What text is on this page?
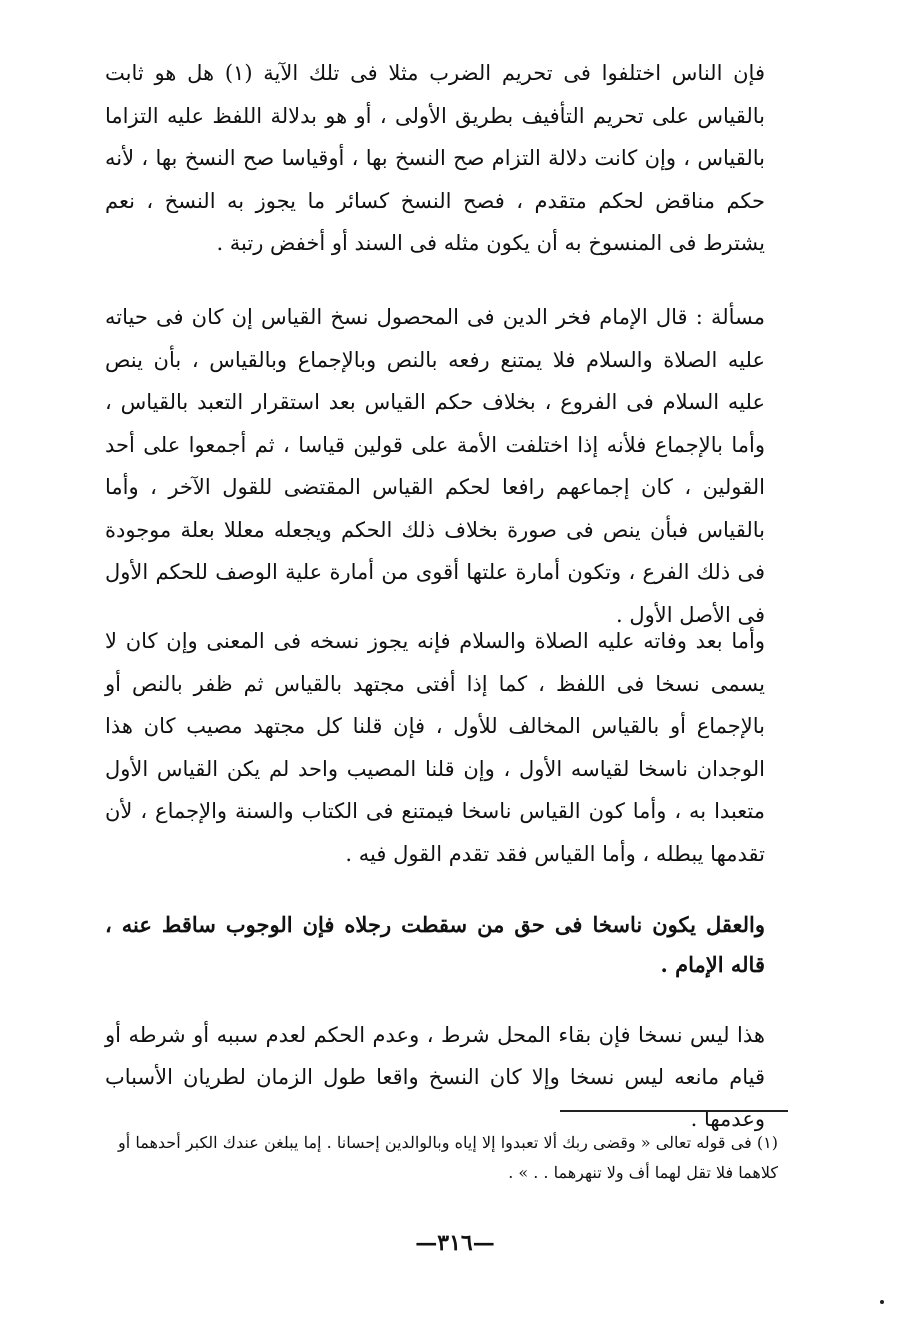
فإن الناس اختلفوا فى تحريم الضرب مثلا فى تلك الآية (١) هل هو ثابت بالقياس على تحريم التأفيف بطريق الأولى ، أو هو بدلالة اللفظ عليه التزاما بالقياس ، وإن كانت دلالة التزام صح النسخ بها ، أوقياسا صح النسخ بها ، لأنه حكم مناقض لحكم متقدم ، فصح النسخ كسائر ما يجوز به النسخ ، نعم يشترط فى المنسوخ به أن يكون مثله فى السند أو أخفض رتبة .

مسألة : قال الإمام فخر الدين فى المحصول نسخ القياس إن كان فى حياته عليه الصلاة والسلام فلا يمتنع رفعه بالنص وبالإجماع وبالقياس ، بأن ينص عليه السلام فى الفروع ، بخلاف حكم القياس بعد استقرار التعبد بالقياس ، وأما بالإجماع فلأنه إذا اختلفت الأمة على قولين قياسا ، ثم أجمعوا على أحد القولين ، كان إجماعهم رافعا لحكم القياس المقتضى للقول الآخر ، وأما بالقياس فبأن ينص فى صورة بخلاف ذلك الحكم ويجعله معللا بعلة موجودة فى ذلك الفرع ، وتكون أمارة علتها أقوى من أمارة علية الوصف للحكم الأول فى الأصل الأول .

وأما بعد وفاته عليه الصلاة والسلام فإنه يجوز نسخه فى المعنى وإن كان لا يسمى نسخا فى اللفظ ، كما إذا أفتى مجتهد بالقياس ثم ظفر بالنص أو بالإجماع أو بالقياس المخالف للأول ، فإن قلنا كل مجتهد مصيب كان هذا الوجدان ناسخا لقياسه الأول ، وإن قلنا المصيب واحد لم يكن القياس الأول متعبدا به ، وأما كون القياس ناسخا فيمتنع فى الكتاب والسنة والإجماع ، لأن تقدمها يبطله ، وأما القياس فقد تقدم القول فيه .

والعقل يكون ناسخا فى حق من سقطت رجلاه فإن الوجوب ساقط عنه ، قاله الإمام .

هذا ليس نسخا فإن بقاء المحل شرط ، وعدم الحكم لعدم سببه أو شرطه أو قيام مانعه ليس نسخا وإلا كان النسخ واقعا طول الزمان لطريان الأسباب وعدمها .

(١) فى قوله تعالى « وقضى ربك ألا تعبدوا إلا إياه وبالوالدين إحسانا . إما يبلغن عندك الكبر أحدهما أو كلاهما فلا تقل لهما أف ولا تنهرهما . . » .

—٣١٦—
